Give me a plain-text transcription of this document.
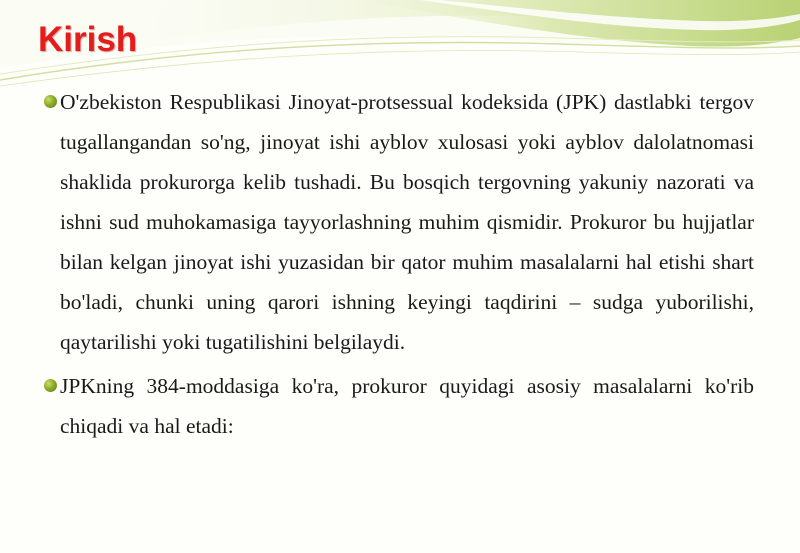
Kirish
O'zbekiston Respublikasi Jinoyat-protsessual kodeksida (JPK) dastlabki tergov tugallangandan so'ng, jinoyat ishi ayblov xulosasi yoki ayblov dalolatnomasi shaklida prokurorga kelib tushadi. Bu bosqich tergovning yakuniy nazorati va ishni sud muhokamasiga tayyorlashning muhim qismidir. Prokuror bu hujjatlar bilan kelgan jinoyat ishi yuzasidan bir qator muhim masalalarni hal etishi shart bo'ladi, chunki uning qarori ishning keyingi taqdirini – sudga yuborilishi, qaytarilishi yoki tugatilishini belgilaydi.
JPKning 384-moddasiga ko'ra, prokuror quyidagi asosiy masalalarni ko'rib chiqadi va hal etadi:
